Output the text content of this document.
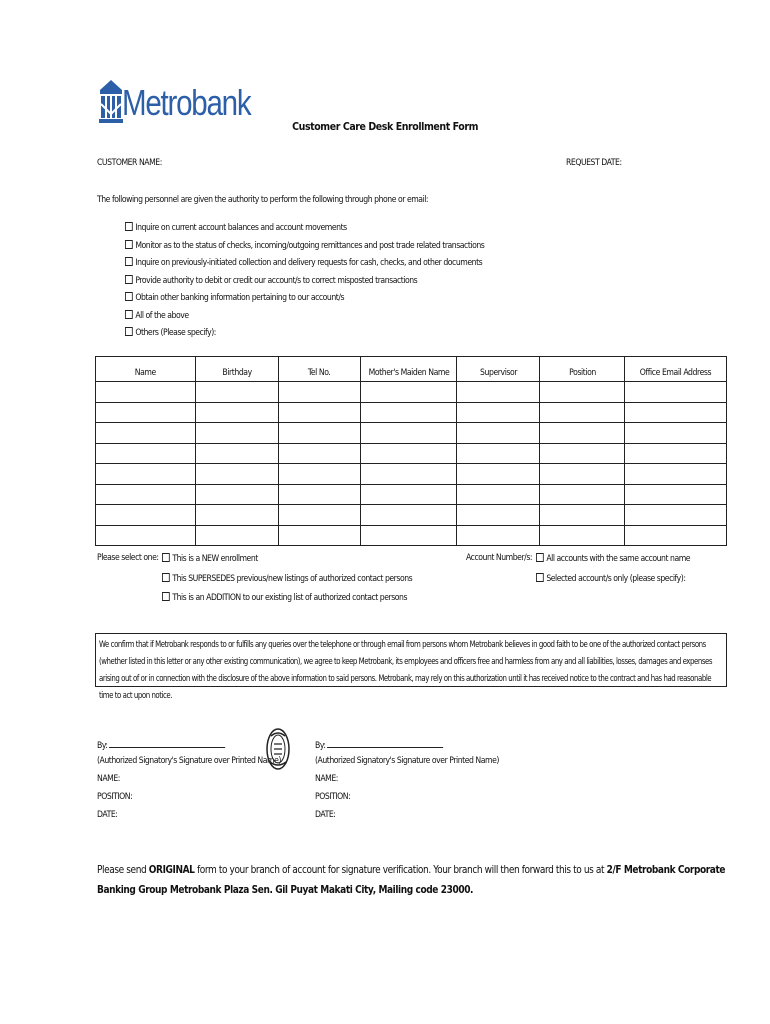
Metrobank
Customer Care Desk Enrollment Form
CUSTOMER NAME:	REQUEST DATE:
The following personnel are given the authority to perform the following through phone or email:
Inquire on current account balances and account movements
Monitor as to the status of checks, incoming/outgoing remittances and post trade related transactions
Inquire on previously-initiated collection and delivery requests for cash, checks, and other documents
Provide authority to debit or credit our account/s to correct misposted transactions
Obtain other banking information pertaining to our account/s
All of the above
Others (Please specify):
Name	Birthday	Tel No.	Mother's Maiden Name	Supervisor	Position	Office Email Address

Please select one:	This is a NEW enrollment
This SUPERSEDES previous/new listings of authorized contact persons
This is an ADDITION to our existing list of authorized contact persons
Account Number/s:	All accounts with the same account name
Selected account/s only (please specify):

We confirm that if Metrobank responds to or fulfills any queries over the telephone or through email from persons whom Metrobank believes in good faith to be one of the authorized contact persons (whether listed in this letter or any other existing communication), we agree to keep Metrobank, its employees and officers free and harmless from any and all liabilities, losses, damages and expenses arising out of or in connection with the disclosure of the above information to said persons. Metrobank, may rely on this authorization until it has received notice to the contract and has had reasonable time to act upon notice.

By:
(Authorized Signatory's Signature over Printed Name)
NAME:
POSITION:
DATE:
By:
(Authorized Signatory's Signature over Printed Name)
NAME:
POSITION:
DATE:

Please send ORIGINAL form to your branch of account for signature verification. Your branch will then forward this to us at 2/F Metrobank Corporate Banking Group Metrobank Plaza Sen. Gil Puyat Makati City, Mailing code 23000.
